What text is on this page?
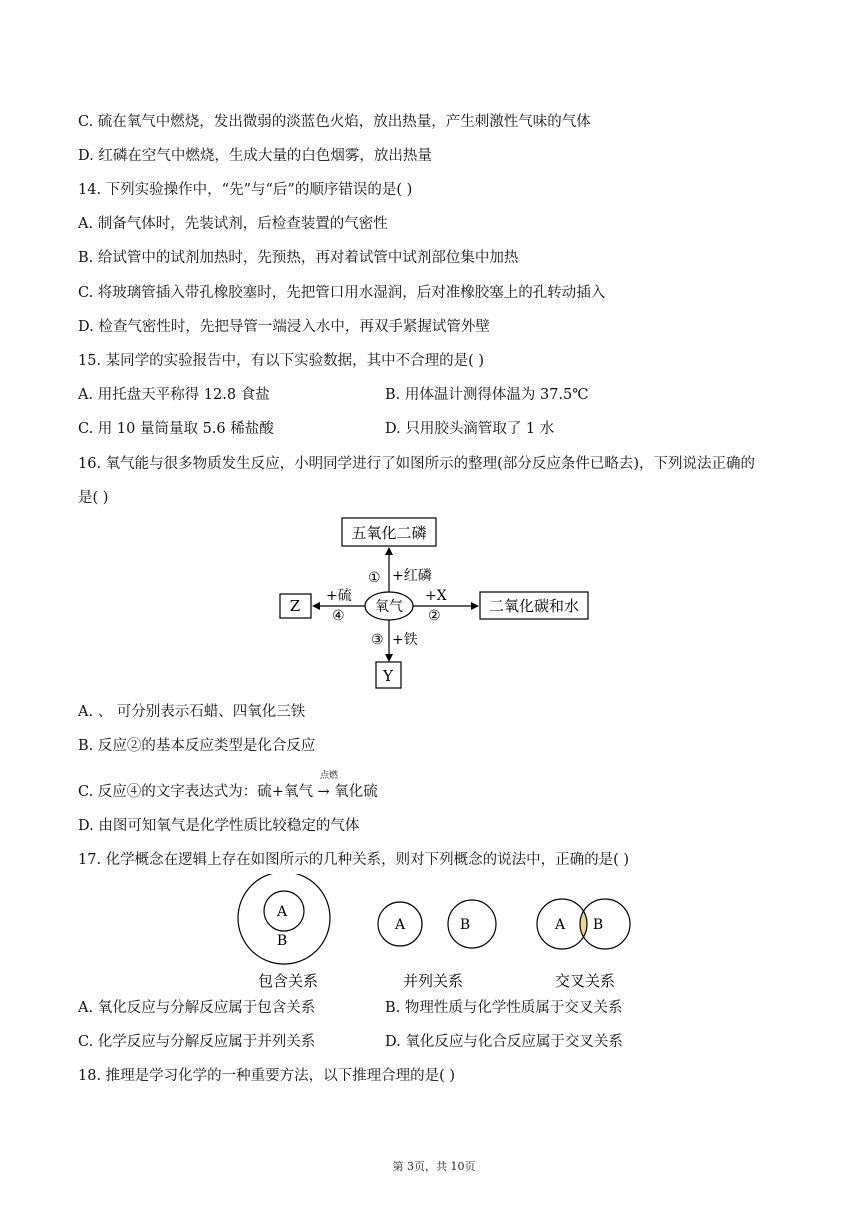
C. 硫在氧气中燃烧，发出微弱的淡蓝色火焰，放出热量，产生刺激性气味的气体
D. 红磷在空气中燃烧，生成大量的白色烟雾，放出热量
14. 下列实验操作中，“先”与“后”的顺序错误的是( )
A. 制备气体时，先装试剂，后检查装置的气密性
B. 给试管中的试剂加热时，先预热，再对着试管中试剂部位集中加热
C. 将玻璃管插入带孔橡胶塞时，先把管口用水湿润，后对准橡胶塞上的孔转动插入
D. 检查气密性时，先把导管一端浸入水中，再双手紧握试管外壁
15. 某同学的实验报告中，有以下实验数据，其中不合理的是( )
A. 用托盘天平称得 12.8 食盐	B. 用体温计测得体温为 37.5℃
C. 用 10 量筒量取 5.6 稀盐酸	D. 只用胶头滴管取了 1 水
16. 氧气能与很多物质发生反应，小明同学进行了如图所示的整理(部分反应条件已略去)，下列说法正确的
是( )
五氧化二磷
Z	二氧化碳和水
Y
氧气
① +红磷
+X
②
+硫
④
③ +铁
A. 、 可分别表示石蜡、四氧化三铁
B. 反应②的基本反应类型是化合反应
点燃
C. 反应④的文字表达式为：硫+氧气 → 氧化硫
D. 由图可知氧气是化学性质比较稳定的气体
17. 化学概念在逻辑上存在如图所示的几种关系，则对下列概念的说法中，正确的是( )
A
B
A	B	A B
包含关系	并列关系	交叉关系
A. 氧化反应与分解反应属于包含关系	B. 物理性质与化学性质属于交叉关系
C. 化学反应与分解反应属于并列关系	D. 氧化反应与化合反应属于交叉关系
18. 推理是学习化学的一种重要方法，以下推理合理的是( )
第 3页，共 10页
